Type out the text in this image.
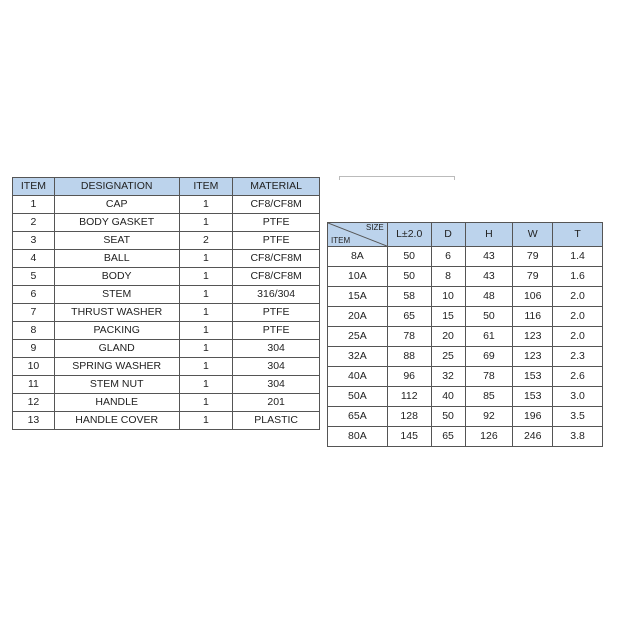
ITEM	DESIGNATION	ITEM	MATERIAL
1	CAP	1	CF8/CF8M
2	BODY GASKET	1	PTFE
3	SEAT	2	PTFE
4	BALL	1	CF8/CF8M
5	BODY	1	CF8/CF8M
6	STEM	1	316/304
7	THRUST WASHER	1	PTFE
8	PACKING	1	PTFE
9	GLAND	1	304
10	SPRING WASHER	1	304
11	STEM NUT	1	304
12	HANDLE	1	201
13	HANDLE COVER	1	PLASTIC
SIZE
ITEM	L±2.0	D	H	W	T
8A	50	6	43	79	1.4
10A	50	8	43	79	1.6
15A	58	10	48	106	2.0
20A	65	15	50	116	2.0
25A	78	20	61	123	2.0
32A	88	25	69	123	2.3
40A	96	32	78	153	2.6
50A	112	40	85	153	3.0
65A	128	50	92	196	3.5
80A	145	65	126	246	3.8
